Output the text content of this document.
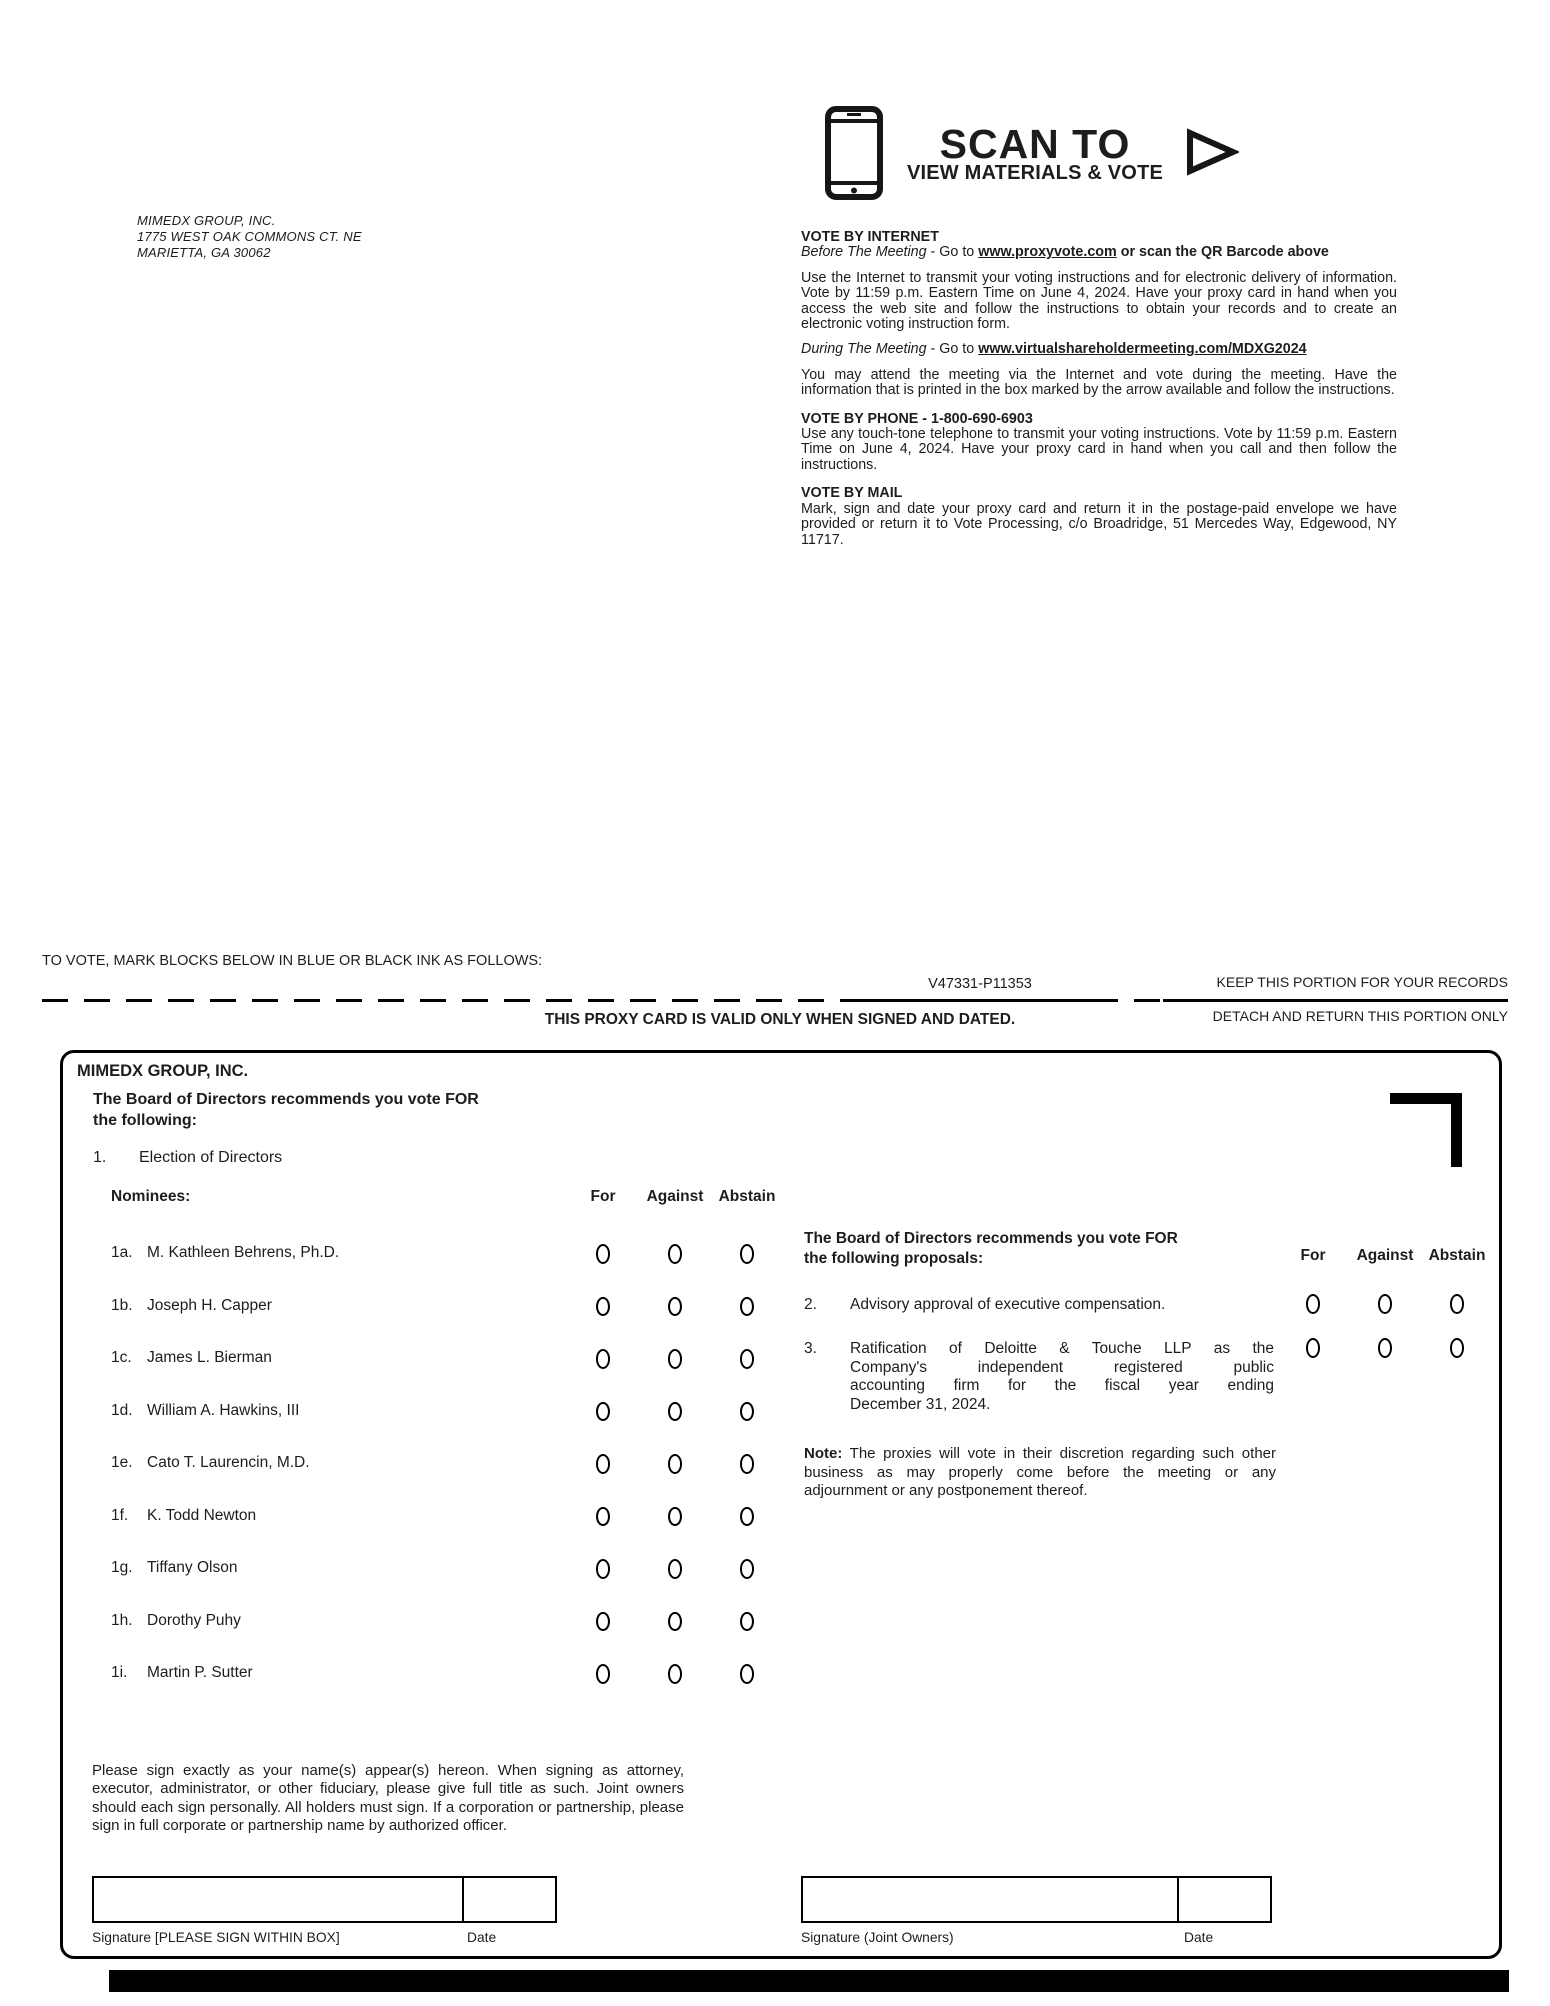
MIMEDX GROUP, INC.
1775 WEST OAK COMMONS CT. NE
MARIETTA, GA 30062
SCAN TO
VIEW MATERIALS & VOTE
VOTE BY INTERNET
Before The Meeting - Go to www.proxyvote.com or scan the QR Barcode above

Use the Internet to transmit your voting instructions and for electronic delivery of information. Vote by 11:59 p.m. Eastern Time on June 4, 2024. Have your proxy card in hand when you access the web site and follow the instructions to obtain your records and to create an electronic voting instruction form.

During The Meeting - Go to www.virtualshareholdermeeting.com/MDXG2024

You may attend the meeting via the Internet and vote during the meeting. Have the information that is printed in the box marked by the arrow available and follow the instructions.

VOTE BY PHONE - 1-800-690-6903

Use any touch-tone telephone to transmit your voting instructions. Vote by 11:59 p.m. Eastern Time on June 4, 2024. Have your proxy card in hand when you call and then follow the instructions.

VOTE BY MAIL

Mark, sign and date your proxy card and return it in the postage-paid envelope we have provided or return it to Vote Processing, c/o Broadridge, 51 Mercedes Way, Edgewood, NY 11717.

TO VOTE, MARK BLOCKS BELOW IN BLUE OR BLACK INK AS FOLLOWS:
V47331-P11353	KEEP THIS PORTION FOR YOUR RECORDS
THIS PROXY CARD IS VALID ONLY WHEN SIGNED AND DATED.	DETACH AND RETURN THIS PORTION ONLY
MIMEDX GROUP, INC.
The Board of Directors recommends you vote FOR the following:
1. Election of Directors
Nominees:	For	Against Abstain
1a. M. Kathleen Behrens, Ph.D.
1b. Joseph H. Capper
1c. James L. Bierman
1d. William A. Hawkins, III
1e. Cato T. Laurencin, M.D.
1f.	K. Todd Newton
1g. Tiffany Olson
1h. Dorothy Puhy
1i.	Martin P. Sutter
The Board of Directors recommends you vote FOR the following proposals:	For	Against Abstain
2. Advisory approval of executive compensation.
3. Ratification of Deloitte & Touche LLP as the
Company's independent registered public
accounting firm for the fiscal year ending
December 31, 2024.
Note: The proxies will vote in their discretion regarding such other business as may properly come before the meeting or any adjournment or any postponement thereof.
Please sign exactly as your name(s) appear(s) hereon. When signing as attorney, executor, administrator, or other fiduciary, please give full title as such. Joint owners should each sign personally. All holders must sign. If a corporation or partnership, please sign in full corporate or partnership name by authorized officer.
Signature [PLEASE SIGN WITHIN BOX]	Date	Signature (Joint Owners)	Date
